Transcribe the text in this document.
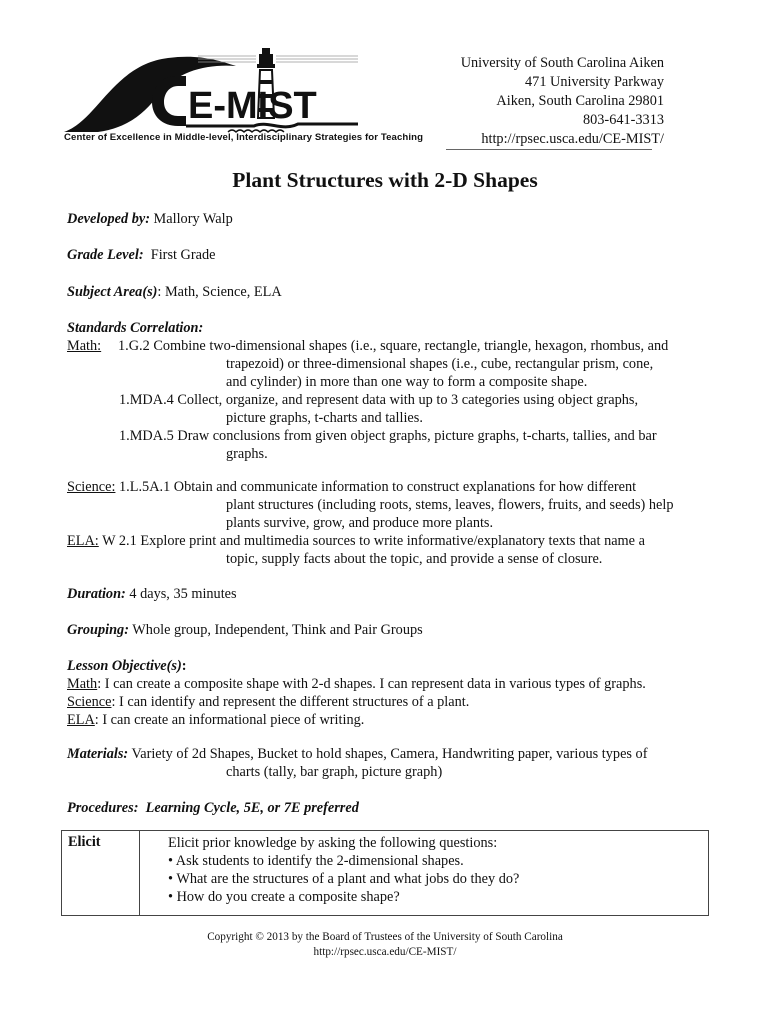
E-MIST
Center of Excellence in Middle-level, Interdisciplinary Strategies for Teaching
University of South Carolina Aiken
471 University Parkway
Aiken, South Carolina 29801
803-641-3313
http://rpsec.usca.edu/CE-MIST/
Plant Structures with 2-D Shapes
Developed by: Mallory Walp
Grade Level:  First Grade
Subject Area(s): Math, Science, ELA
Standards Correlation:
Math: 1.G.2 Combine two-dimensional shapes (i.e., square, rectangle, triangle, hexagon, rhombus, and
trapezoid) or three-dimensional shapes (i.e., cube, rectangular prism, cone,
and cylinder) in more than one way to form a composite shape.
1.MDA.4 Collect, organize, and represent data with up to 3 categories using object graphs,
picture graphs, t-charts and tallies.
1.MDA.5 Draw conclusions from given object graphs, picture graphs, t-charts, tallies, and bar
graphs.
Science: 1.L.5A.1 Obtain and communicate information to construct explanations for how different
plant structures (including roots, stems, leaves, flowers, fruits, and seeds) help
plants survive, grow, and produce more plants.
ELA: W 2.1 Explore print and multimedia sources to write informative/explanatory texts that name a
topic, supply facts about the topic, and provide a sense of closure.
Duration: 4 days, 35 minutes
Grouping: Whole group, Independent, Think and Pair Groups
Lesson Objective(s):
Math: I can create a composite shape with 2-d shapes. I can represent data in various types of graphs.
Science: I can identify and represent the different structures of a plant.
ELA: I can create an informational piece of writing.
Materials: Variety of 2d Shapes, Bucket to hold shapes, Camera, Handwriting paper, various types of
charts (tally, bar graph, picture graph)
Procedures:  Learning Cycle, 5E, or 7E preferred
Elicit	Elicit prior knowledge by asking the following questions:
• Ask students to identify the 2-dimensional shapes.
• What are the structures of a plant and what jobs do they do?
• How do you create a composite shape?
Copyright © 2013 by the Board of Trustees of the University of South Carolina
http://rpsec.usca.edu/CE-MIST/
